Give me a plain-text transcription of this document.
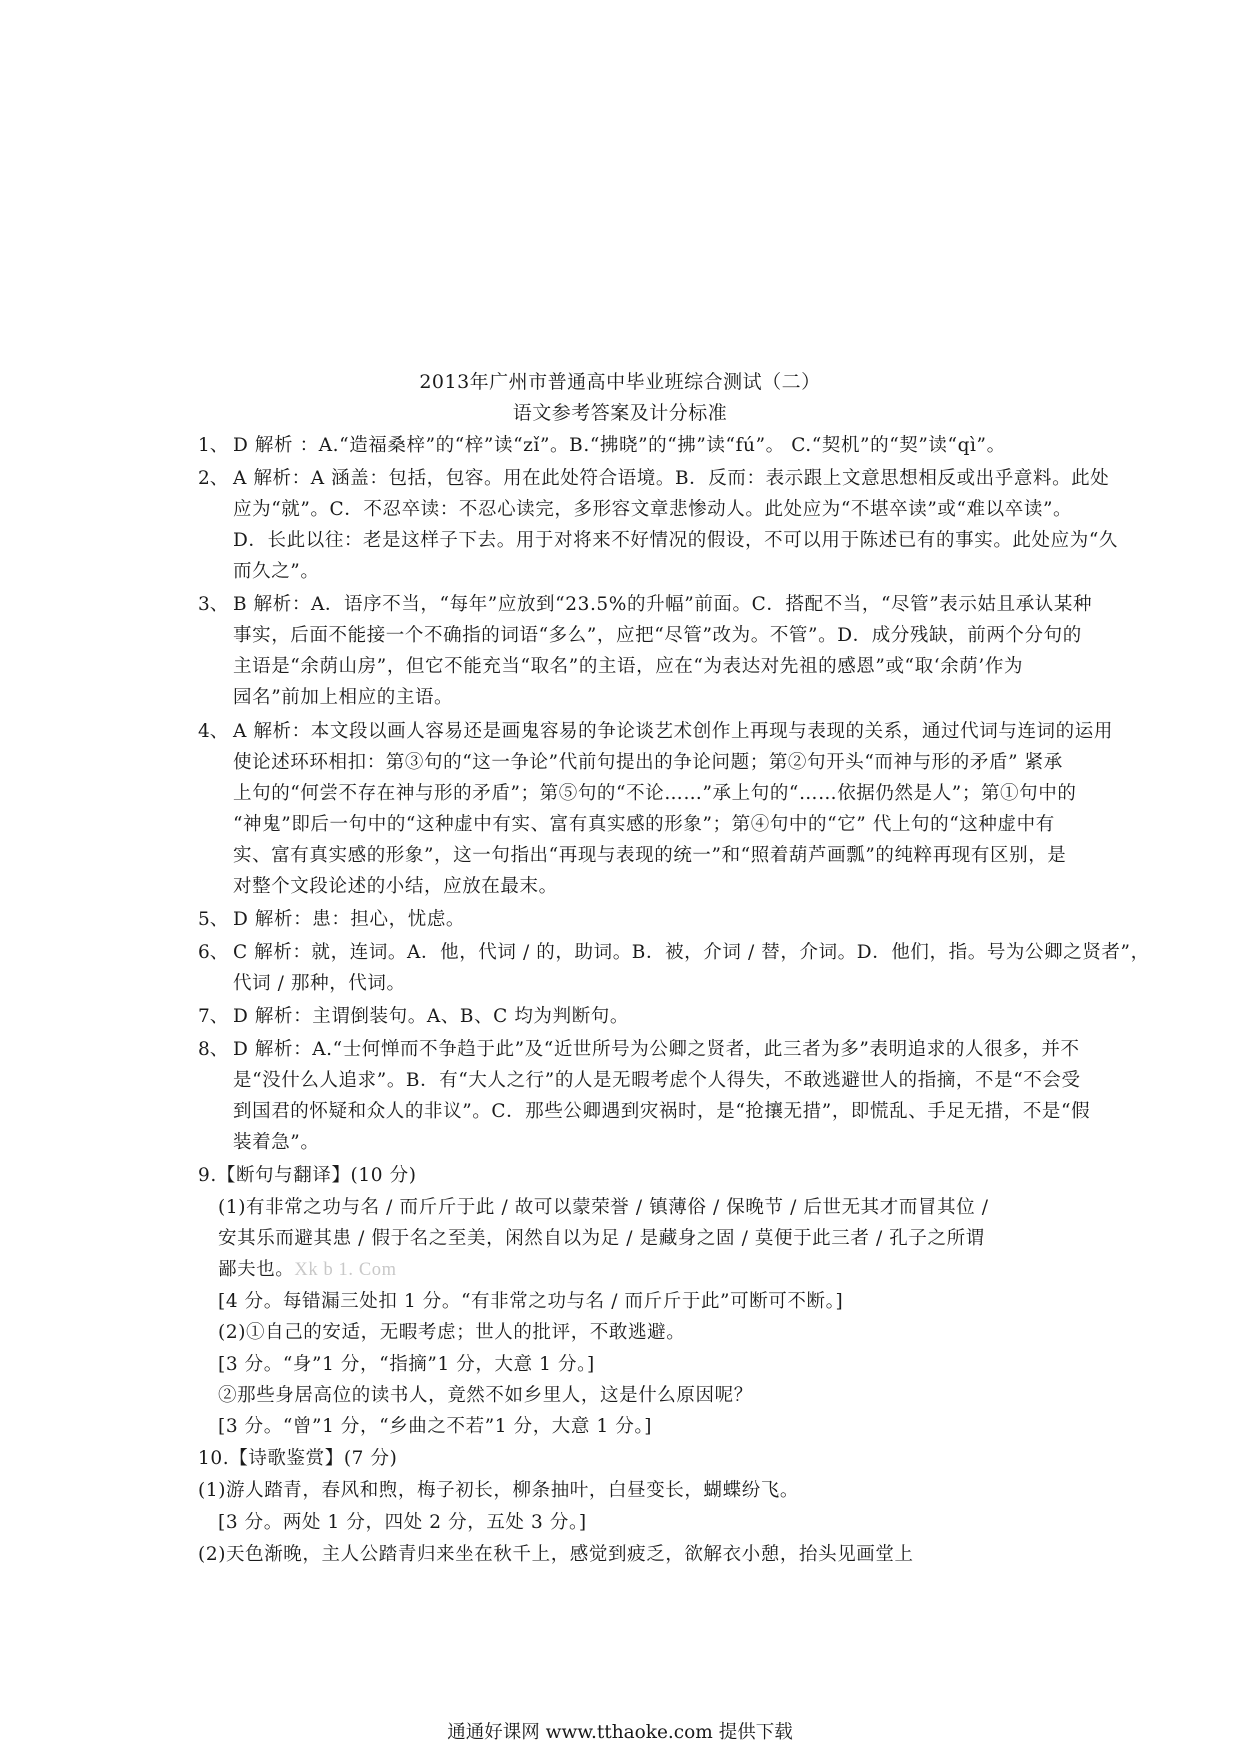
2013年广州市普通高中毕业班综合测试（二）
语文参考答案及计分标准
1、 D 解析 ：A.“造福桑梓”的“梓”读“zǐ”。B.“拂晓”的“拂”读“fú”。 C.“契机”的“契”读“qì”。
2、 A 解析：A 涵盖：包括，包容。用在此处符合语境。B．反而：表示跟上文意思想相反或出乎意料。此处
应为“就”。C．不忍卒读：不忍心读完，多形容文章悲惨动人。此处应为“不堪卒读”或“难以卒读”。
D．长此以往：老是这样子下去。用于对将来不好情况的假设，不可以用于陈述已有的事实。此处应为“久
而久之”。
3、 B 解析：A．语序不当，“每年”应放到“23.5%的升幅”前面。C．搭配不当，“尽管”表示姑且承认某种
事实，后面不能接一个不确指的词语“多么”，应把“尽管”改为。不管”。D．成分残缺，前两个分句的
主语是“余荫山房”，但它不能充当“取名”的主语，应在“为表达对先祖的感恩”或“取‘余荫’作为
园名”前加上相应的主语。
4、 A 解析：本文段以画人容易还是画鬼容易的争论谈艺术创作上再现与表现的关系，通过代词与连词的运用
使论述环环相扣：第③句的“这一争论”代前句提出的争论问题；第②句开头“而神与形的矛盾” 紧承
上句的“何尝不存在神与形的矛盾”；第⑤句的“不论……”承上句的“……依据仍然是人”；第①句中的
“神鬼”即后一句中的“这种虚中有实、富有真实感的形象”；第④句中的“它” 代上句的“这种虚中有
实、富有真实感的形象”，这一句指出“再现与表现的统一”和“照着葫芦画瓢”的纯粹再现有区别，是
对整个文段论述的小结，应放在最末。
5、 D 解析：患：担心，忧虑。
6、 C 解析：就，连词。A．他，代词 / 的，助词。B．被，介词 / 替，介词。D．他们，指。号为公卿之贤者”，
代词 / 那种，代词。
7、 D 解析：主谓倒装句。A、B、C 均为判断句。
8、 D 解析：A.“士何惮而不争趋于此”及“近世所号为公卿之贤者，此三者为多”表明追求的人很多，并不
是“没什么人追求”。B．有“大人之行”的人是无暇考虑个人得失，不敢逃避世人的指摘，不是“不会受
到国君的怀疑和众人的非议”。C．那些公卿遇到灾祸时，是“抢攘无措”，即慌乱、手足无措，不是“假
装着急”。
9.【断句与翻译】(10 分)
(1)有非常之功与名 / 而斤斤于此 / 故可以蒙荣誉 / 镇薄俗 / 保晚节 / 后世无其才而冒其位 /
安其乐而避其患 / 假于名之至美，闲然自以为足 / 是藏身之固 / 莫便于此三者 / 孔子之所谓
鄙夫也。Xk b 1. Com
[4 分。每错漏三处扣 1 分。“有非常之功与名 / 而斤斤于此”可断可不断。]
(2)①自己的安适，无暇考虑；世人的批评，不敢逃避。
[3 分。“身”1 分，“指摘”1 分，大意 1 分。]
②那些身居高位的读书人，竟然不如乡里人，这是什么原因呢？
[3 分。“曾”1 分，“乡曲之不若”1 分，大意 1 分。]
10.【诗歌鉴赏】(7 分)
(1)游人踏青，春风和煦，梅子初长，柳条抽叶，白昼变长，蝴蝶纷飞。
[3 分。两处 1 分，四处 2 分，五处 3 分。]
(2)天色渐晚，主人公踏青归来坐在秋千上，感觉到疲乏，欲解衣小憩，抬头见画堂上
通通好课网 www.tthaoke.com 提供下载
